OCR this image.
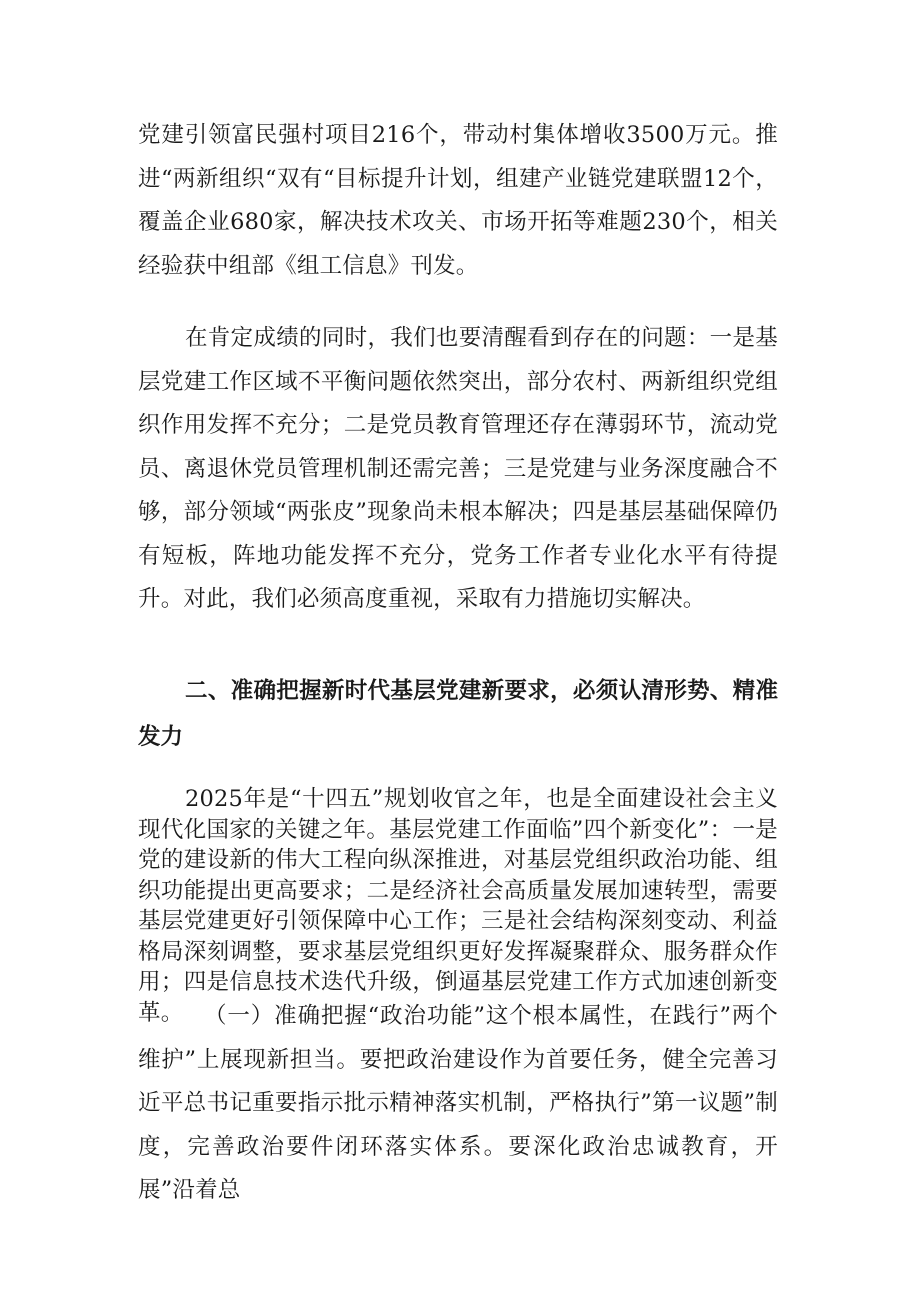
党建引领富民强村项目216个，带动村集体增收3500万元。推进“两新组织“双有“目标提升计划，组建产业链党建联盟12个，覆盖企业680家，解决技术攻关、市场开拓等难题230个，相关经验获中组部《组工信息》刊发。

在肯定成绩的同时，我们也要清醒看到存在的问题：一是基层党建工作区域不平衡问题依然突出，部分农村、两新组织党组织作用发挥不充分；二是党员教育管理还存在薄弱环节，流动党员、离退休党员管理机制还需完善；三是党建与业务深度融合不够，部分领域“两张皮”现象尚未根本解决；四是基层基础保障仍有短板，阵地功能发挥不充分，党务工作者专业化水平有待提升。对此，我们必须高度重视，采取有力措施切实解决。

二、准确把握新时代基层党建新要求，必须认清形势、精准发力

2025年是“十四五”规划收官之年，也是全面建设社会主义现代化国家的关键之年。基层党建工作面临”四个新变化”：一是党的建设新的伟大工程向纵深推进，对基层党组织政治功能、组织功能提出更高要求；二是经济社会高质量发展加速转型，需要基层党建更好引领保障中心工作；三是社会结构深刻变动、利益格局深刻调整，要求基层党组织更好发挥凝聚群众、服务群众作用；四是信息技术迭代升级，倒逼基层党建工作方式加速创新变革。 （一）准确把握“政治功能”这个根本属性，在践行”两个维护”上展现新担当。要把政治建设作为首要任务，健全完善习近平总书记重要指示批示精神落实机制，严格执行”第一议题”制度，完善政治要件闭环落实体系。要深化政治忠诚教育，开展”沿着总
